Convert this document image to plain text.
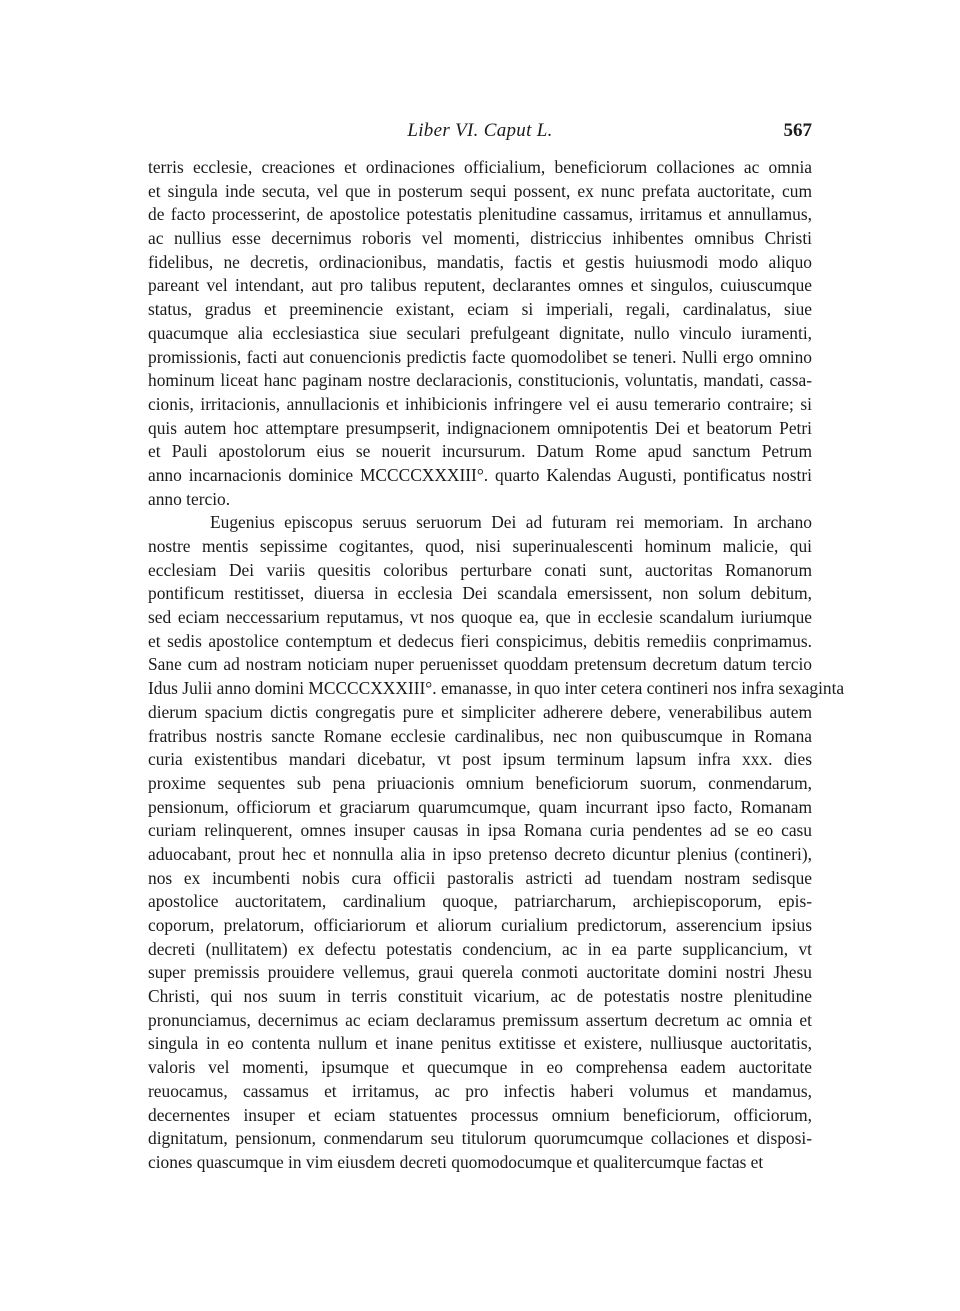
Liber VI. Caput L.	567
terris ecclesie, creaciones et ordinaciones officialium, beneficiorum collaciones ac omnia
et singula inde secuta, vel que in posterum sequi possent, ex nunc prefata auctoritate, cum
de facto processerint, de apostolice potestatis plenitudine cassamus, irritamus et annullamus,
ac nullius esse decernimus roboris vel momenti, districcius inhibentes omnibus Christi
fidelibus, ne decretis, ordinacionibus, mandatis, factis et gestis huiusmodi modo aliquo
pareant vel intendant, aut pro talibus reputent, declarantes omnes et singulos, cuiuscumque
status, gradus et preeminencie existant, eciam si imperiali, regali, cardinalatus, siue
quacumque alia ecclesiastica siue seculari prefulgeant dignitate, nullo vinculo iuramenti,
promissionis, facti aut conuencionis predictis facte quomodolibet se teneri. Nulli ergo omnino
hominum liceat hanc paginam nostre declaracionis, constitucionis, voluntatis, mandati, cassa-
cionis, irritacionis, annullacionis et inhibicionis infringere vel ei ausu temerario contraire; si
quis autem hoc attemptare presumpserit, indignacionem omnipotentis Dei et beatorum Petri
et Pauli apostolorum eius se nouerit incursurum. Datum Rome apud sanctum Petrum
anno incarnacionis dominice MCCCCXXXIII°. quarto Kalendas Augusti, pontificatus nostri
anno tercio.
Eugenius episcopus seruus seruorum Dei ad futuram rei memoriam. In archano
nostre mentis sepissime cogitantes, quod, nisi superinualescenti hominum malicie, qui
ecclesiam Dei variis quesitis coloribus perturbare conati sunt, auctoritas Romanorum
pontificum restitisset, diuersa in ecclesia Dei scandala emersissent, non solum debitum,
sed eciam neccessarium reputamus, vt nos quoque ea, que in ecclesie scandalum iuriumque
et sedis apostolice contemptum et dedecus fieri conspicimus, debitis remediis conprimamus.
Sane cum ad nostram noticiam nuper peruenisset quoddam pretensum decretum datum tercio
Idus Julii anno domini MCCCCXXXIII°. emanasse, in quo inter cetera contineri nos infra sexaginta
dierum spacium dictis congregatis pure et simpliciter adherere debere, venerabilibus autem
fratribus nostris sancte Romane ecclesie cardinalibus, nec non quibuscumque in Romana
curia existentibus mandari dicebatur, vt post ipsum terminum lapsum infra xxx. dies
proxime sequentes sub pena priuacionis omnium beneficiorum suorum, conmendarum,
pensionum, officiorum et graciarum quarumcumque, quam incurrant ipso facto, Romanam
curiam relinquerent, omnes insuper causas in ipsa Romana curia pendentes ad se eo casu
aduocabant, prout hec et nonnulla alia in ipso pretenso decreto dicuntur plenius (contineri),
nos ex incumbenti nobis cura officii pastoralis astricti ad tuendam nostram sedisque
apostolice auctoritatem, cardinalium quoque, patriarcharum, archiepiscoporum, epis-
coporum, prelatorum, officiariorum et aliorum curialium predictorum, asserencium ipsius
decreti (nullitatem) ex defectu potestatis condencium, ac in ea parte supplicancium, vt
super premissis prouidere vellemus, graui querela conmoti auctoritate domini nostri Jhesu
Christi, qui nos suum in terris constituit vicarium, ac de potestatis nostre plenitudine
pronunciamus, decernimus ac eciam declaramus premissum assertum decretum ac omnia et
singula in eo contenta nullum et inane penitus extitisse et existere, nulliusque auctoritatis,
valoris vel momenti, ipsumque et quecumque in eo comprehensa eadem auctoritate
reuocamus, cassamus et irritamus, ac pro infectis haberi volumus et mandamus,
decernentes insuper et eciam statuentes processus omnium beneficiorum, officiorum,
dignitatum, pensionum, conmendarum seu titulorum quorumcumque collaciones et disposi-
ciones quascumque in vim eiusdem decreti quomodocumque et qualitercumque factas et
